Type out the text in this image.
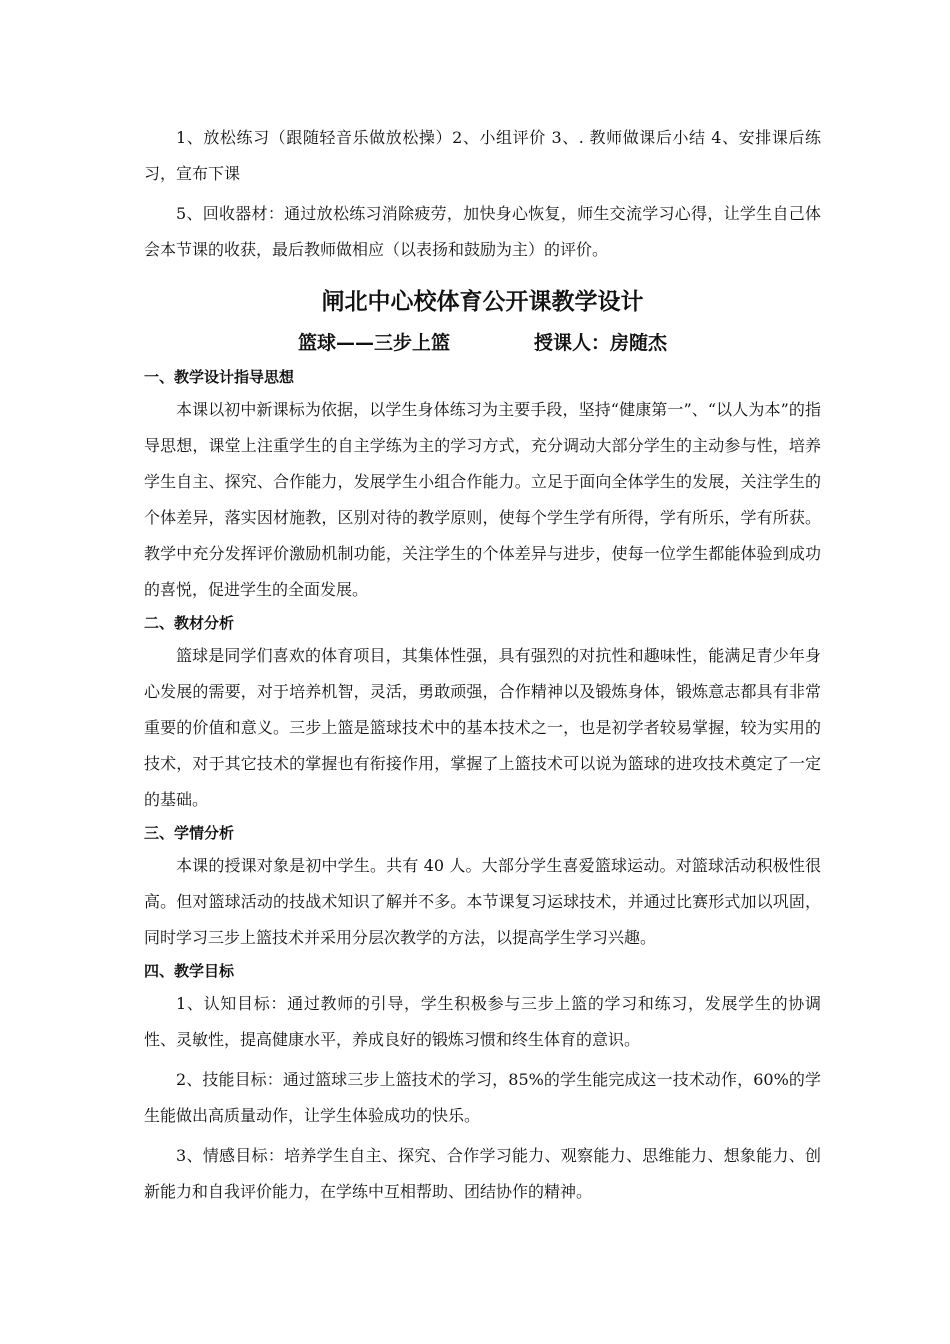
1、放松练习（跟随轻音乐做放松操）2、小组评价 3、. 教师做课后小结 4、安排课后练习，宣布下课

5、回收器材：通过放松练习消除疲劳，加快身心恢复，师生交流学习心得，让学生自己体会本节课的收获，最后教师做相应（以表扬和鼓励为主）的评价。

闸北中心校体育公开课教学设计
篮球——三步上篮	授课人：房随杰
一、教学设计指导思想

本课以初中新课标为依据，以学生身体练习为主要手段，坚持“健康第一”、“以人为本”的指导思想，课堂上注重学生的自主学练为主的学习方式，充分调动大部分学生的主动参与性，培养学生自主、探究、合作能力，发展学生小组合作能力。立足于面向全体学生的发展，关注学生的个体差异，落实因材施教，区别对待的教学原则，使每个学生学有所得，学有所乐，学有所获。教学中充分发挥评价激励机制功能，关注学生的个体差异与进步，使每一位学生都能体验到成功的喜悦，促进学生的全面发展。

二、教材分析

篮球是同学们喜欢的体育项目，其集体性强，具有强烈的对抗性和趣味性，能满足青少年身心发展的需要，对于培养机智，灵活，勇敢顽强，合作精神以及锻炼身体，锻炼意志都具有非常重要的价值和意义。三步上篮是篮球技术中的基本技术之一，也是初学者较易掌握，较为实用的技术，对于其它技术的掌握也有衔接作用，掌握了上篮技术可以说为篮球的进攻技术奠定了一定的基础。

三、学情分析

本课的授课对象是初中学生。共有 40 人。大部分学生喜爱篮球运动。对篮球活动积极性很高。但对篮球活动的技战术知识了解并不多。本节课复习运球技术，并通过比赛形式加以巩固，同时学习三步上篮技术并采用分层次教学的方法，以提高学生学习兴趣。

四、教学目标

1、认知目标：通过教师的引导，学生积极参与三步上篮的学习和练习，发展学生的协调性、灵敏性，提高健康水平，养成良好的锻炼习惯和终生体育的意识。

2、技能目标：通过篮球三步上篮技术的学习，85%的学生能完成这一技术动作，60%的学生能做出高质量动作，让学生体验成功的快乐。

3、情感目标：培养学生自主、探究、合作学习能力、观察能力、思维能力、想象能力、创新能力和自我评价能力，在学练中互相帮助、团结协作的精神。
